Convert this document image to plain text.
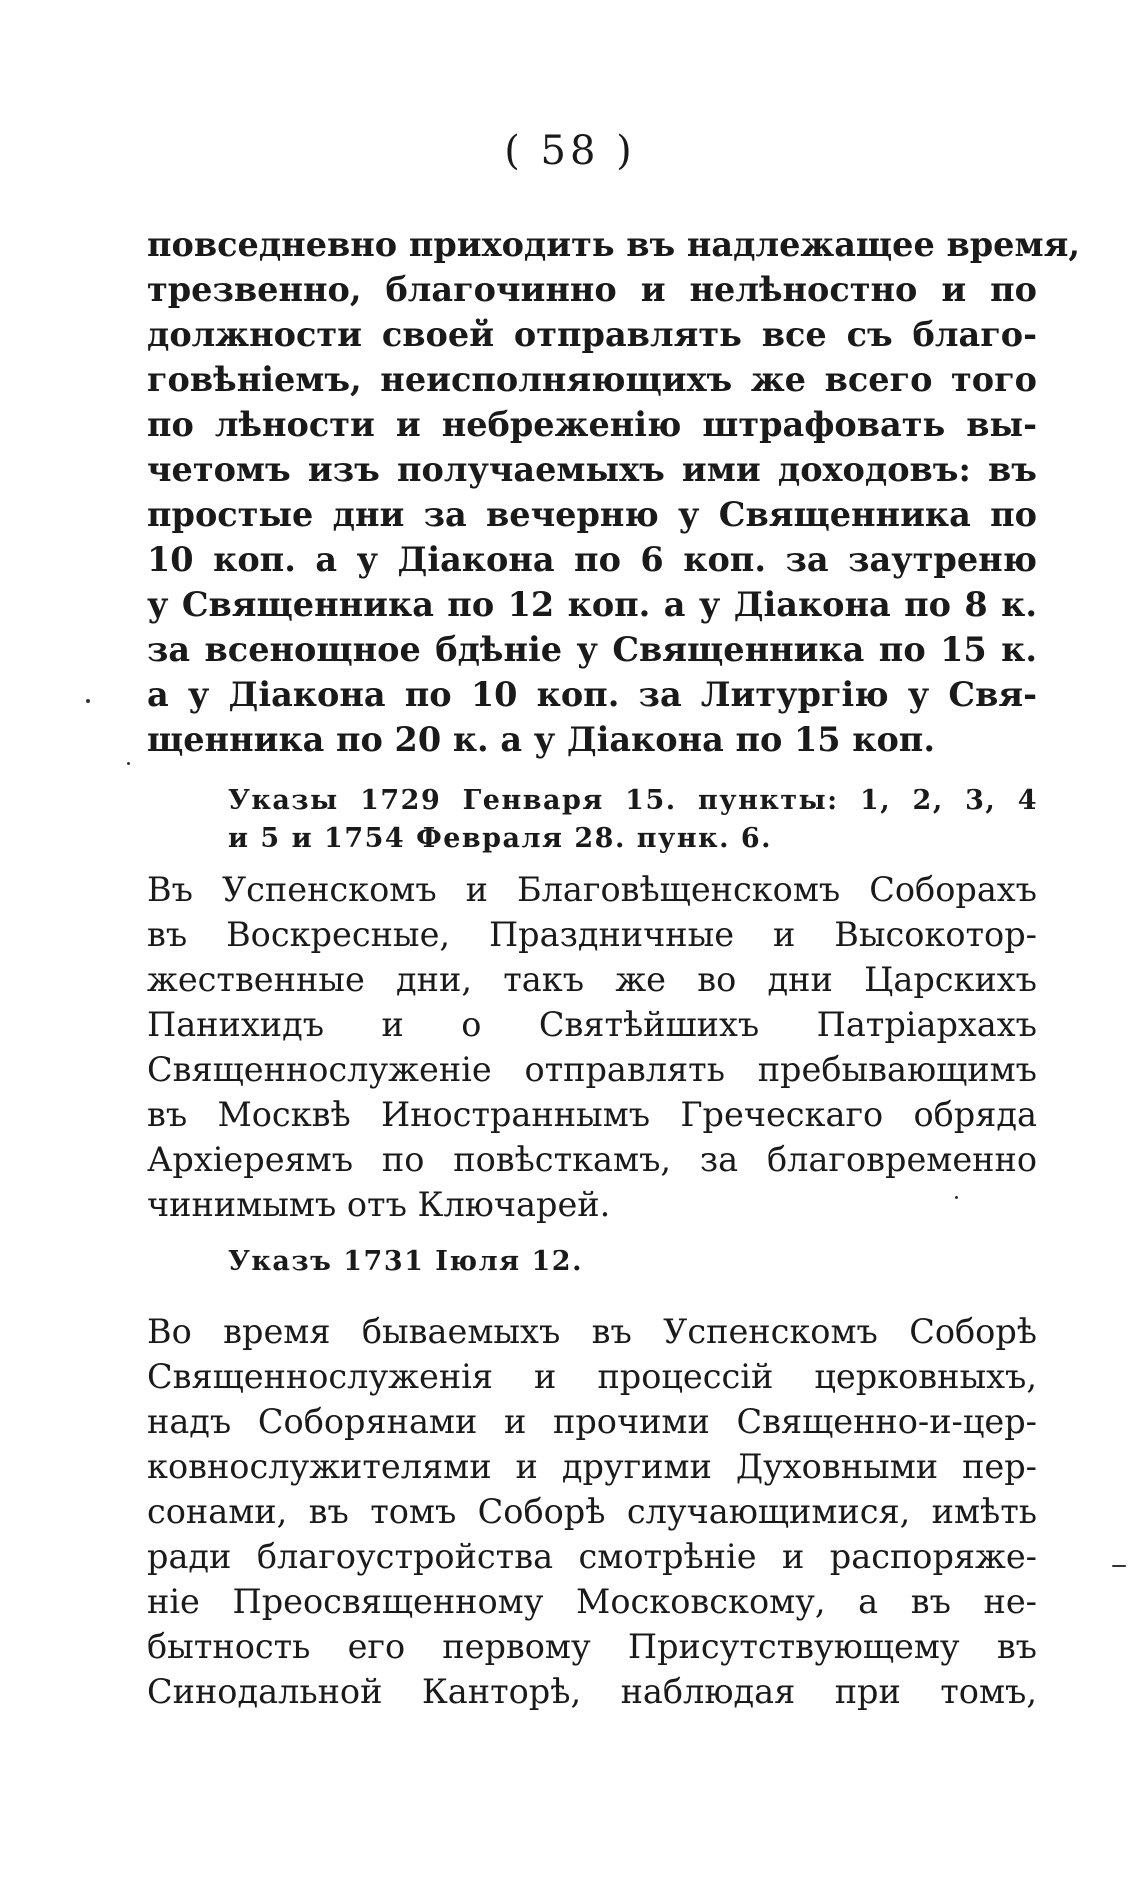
( 58 )
повседневно приходить въ надлежащее время,
трезвенно, благочинно и нелѣностно и по
должности своей отправлять все съ благо-
говѣніемъ, неисполняющихъ же всего того
по лѣности и небреженію штрафовать вы-
четомъ изъ получаемыхъ ими доходовъ: въ
простые дни за вечерню у Священника по
10 коп. а у Діакона по 6 коп. за заутреню
у Священника по 12 коп. а у Діакона по 8 к.
за всенощное бдѣніе у Священника по 15 к.
а у Діакона по 10 коп. за Литургію у Свя-
щенника по 20 к. а у Діакона по 15 коп.
Указы 1729 Генваря 15. пункты: 1, 2, 3, 4
и 5 и 1754 Февраля 28. пунк. 6.
Въ Успенскомъ и Благовѣщенскомъ Соборахъ
въ Воскресные, Праздничные и Высокотор-
жественные дни, такъ же во дни Царскихъ
Панихидъ и о Святѣйшихъ Патріархахъ
Священнослуженіе отправлять пребывающимъ
въ Москвѣ Иностраннымъ Греческаго обряда
Архіереямъ по повѣсткамъ, за благовременно
чинимымъ отъ Ключарей.
Указъ 1731 Іюля 12.
Во время бываемыхъ въ Успенскомъ Соборѣ
Священнослуженія и процессій церковныхъ,
надъ Соборянами и прочими Священно-и-цер-
ковнослужителями и другими Духовными пер-
сонами, въ томъ Соборѣ случающимися, имѣть
ради благоустройства смотрѣніе и распоряже-
ніе Преосвященному Московскому, а въ не-
бытность его первому Присутствующему въ
Синодальной Канторѣ, наблюдая при томъ,
